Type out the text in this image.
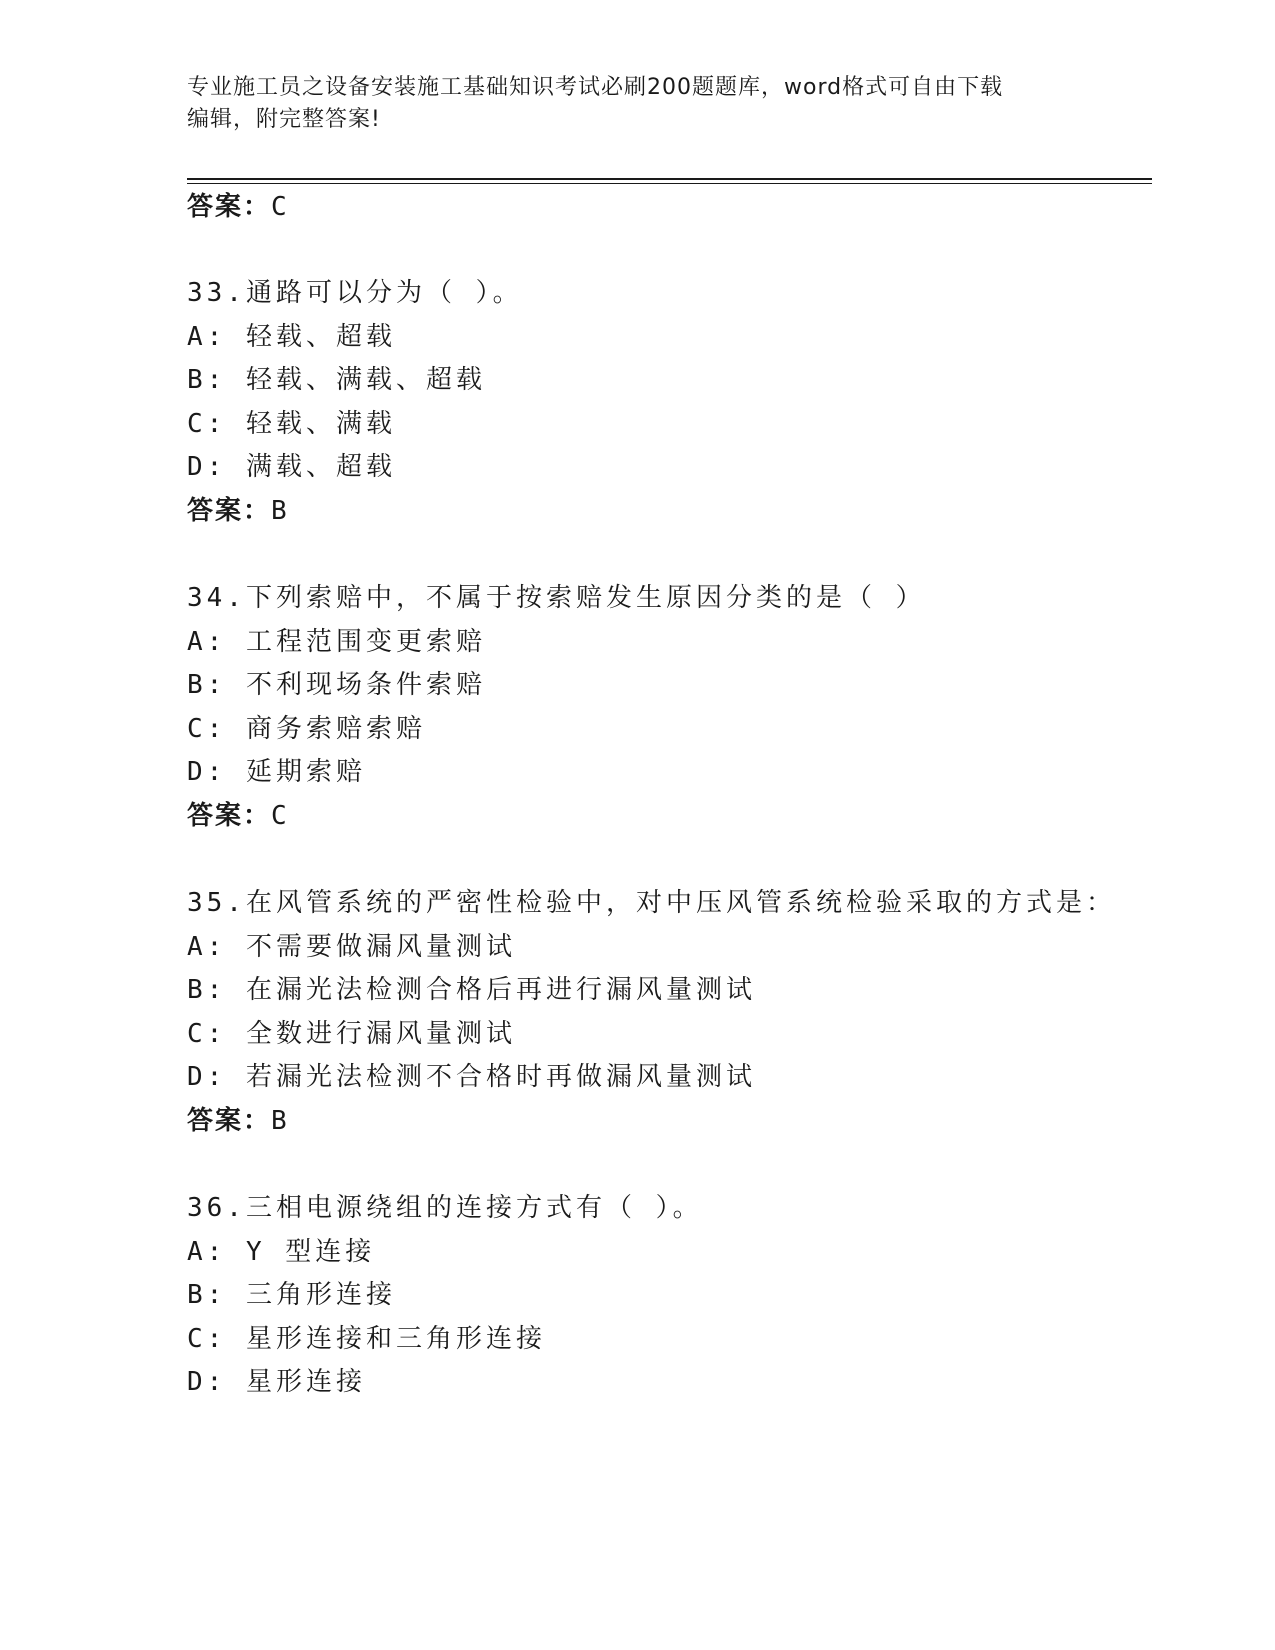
专业施工员之设备安装施工基础知识考试必刷200题题库，word格式可自由下载
编辑，附完整答案!
答案：C
33.通路可以分为（ ）。
A: 轻载、超载
B: 轻载、满载、超载
C: 轻载、满载
D: 满载、超载
答案：B
34.下列索赔中，不属于按索赔发生原因分类的是（ ）
A: 工程范围变更索赔
B: 不利现场条件索赔
C: 商务索赔索赔
D: 延期索赔
答案：C
35.在风管系统的严密性检验中，对中压风管系统检验采取的方式是：
A: 不需要做漏风量测试
B: 在漏光法检测合格后再进行漏风量测试
C: 全数进行漏风量测试
D: 若漏光法检测不合格时再做漏风量测试
答案：B
36.三相电源绕组的连接方式有（ ）。
A: Y 型连接
B: 三角形连接
C: 星形连接和三角形连接
D: 星形连接
